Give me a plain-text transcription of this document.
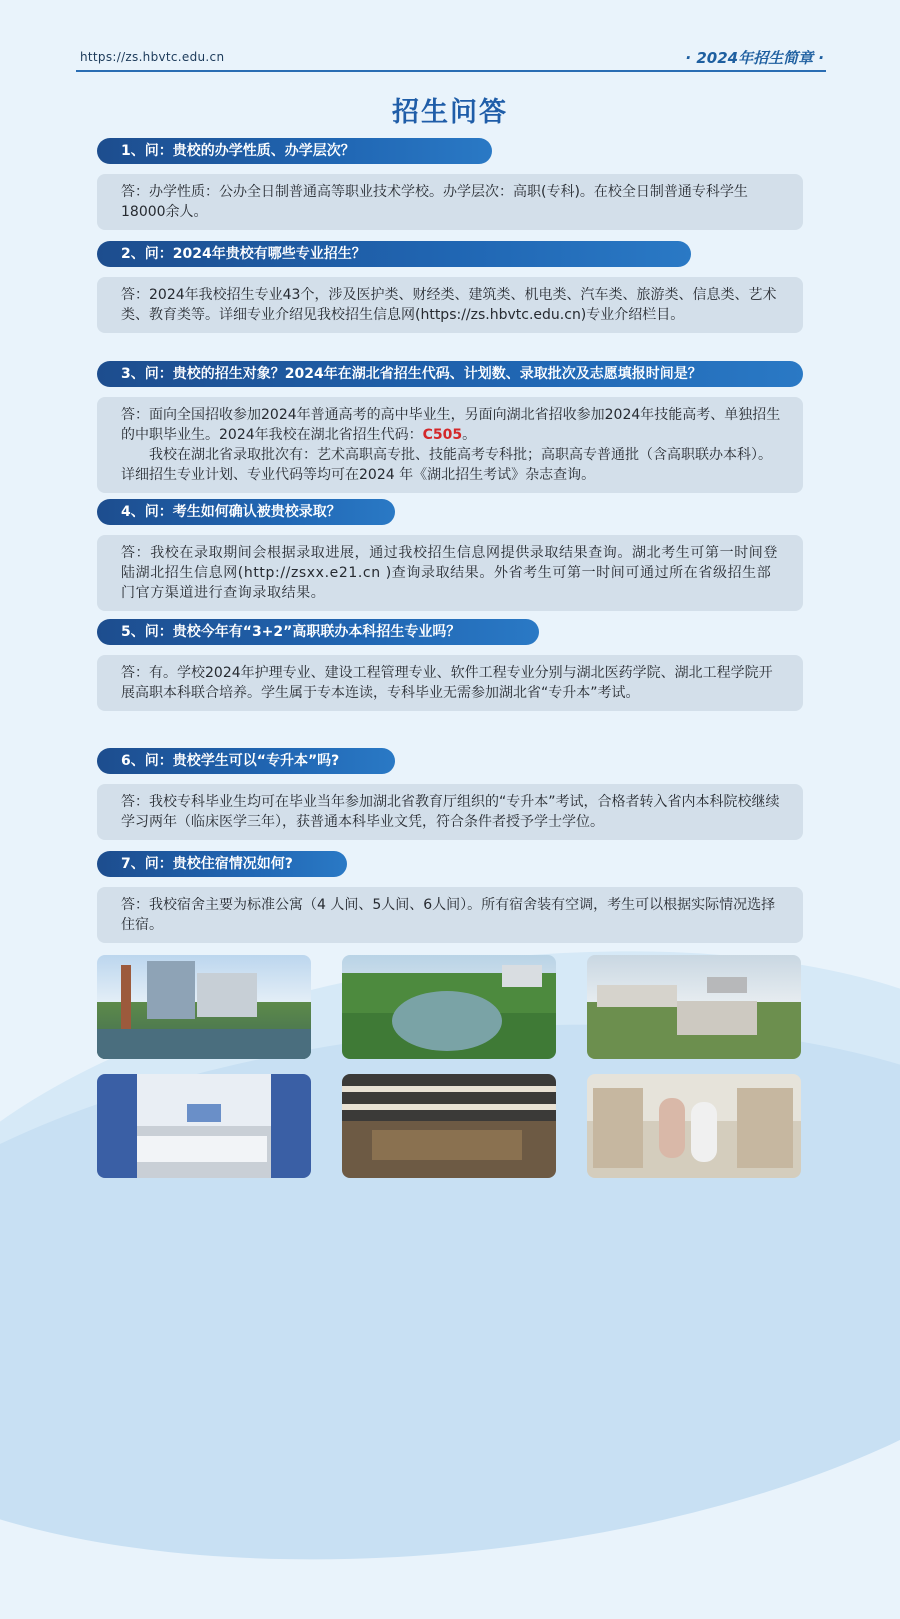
https://zs.hbvtc.edu.cn	· 2024年招生简章 ·
招生问答
1、问：贵校的办学性质、办学层次？

答：办学性质：公办全日制普通高等职业技术学校。办学层次：高职(专科)。在校全日制普通专科学生18000余人。

2、问：2024年贵校有哪些专业招生？

答：2024年我校招生专业43个，涉及医护类、财经类、建筑类、机电类、汽车类、旅游类、信息类、艺术类、教育类等。详细专业介绍见我校招生信息网(https://zs.hbvtc.edu.cn)专业介绍栏目。

3、问：贵校的招生对象？2024年在湖北省招生代码、计划数、录取批次及志愿填报时间是？

答：面向全国招收参加2024年普通高考的高中毕业生，另面向湖北省招收参加2024年技能高考、单独招生的中职毕业生。2024年我校在湖北省招生代码：C505。

我校在湖北省录取批次有：艺术高职高专批、技能高考专科批；高职高专普通批（含高职联办本科）。详细招生专业计划、专业代码等均可在2024 年《湖北招生考试》杂志查询。

4、问：考生如何确认被贵校录取？

答：我校在录取期间会根据录取进展，通过我校招生信息网提供录取结果查询。湖北考生可第一时间登陆湖北招生信息网(http://zsxx.e21.cn )查询录取结果。外省考生可第一时间可通过所在省级招生部门官方渠道进行查询录取结果。

5、问：贵校今年有“3+2”高职联办本科招生专业吗？

答：有。学校2024年护理专业、建设工程管理专业、软件工程专业分别与湖北医药学院、湖北工程学院开展高职本科联合培养。学生属于专本连读，专科毕业无需参加湖北省“专升本”考试。

6、问：贵校学生可以“专升本”吗?

答：我校专科毕业生均可在毕业当年参加湖北省教育厅组织的“专升本”考试，合格者转入省内本科院校继续学习两年（临床医学三年），获普通本科毕业文凭，符合条件者授予学士学位。

7、问：贵校住宿情况如何?

答：我校宿舍主要为标准公寓（4 人间、5人间、6人间）。所有宿舍装有空调，考生可以根据实际情况选择住宿。
